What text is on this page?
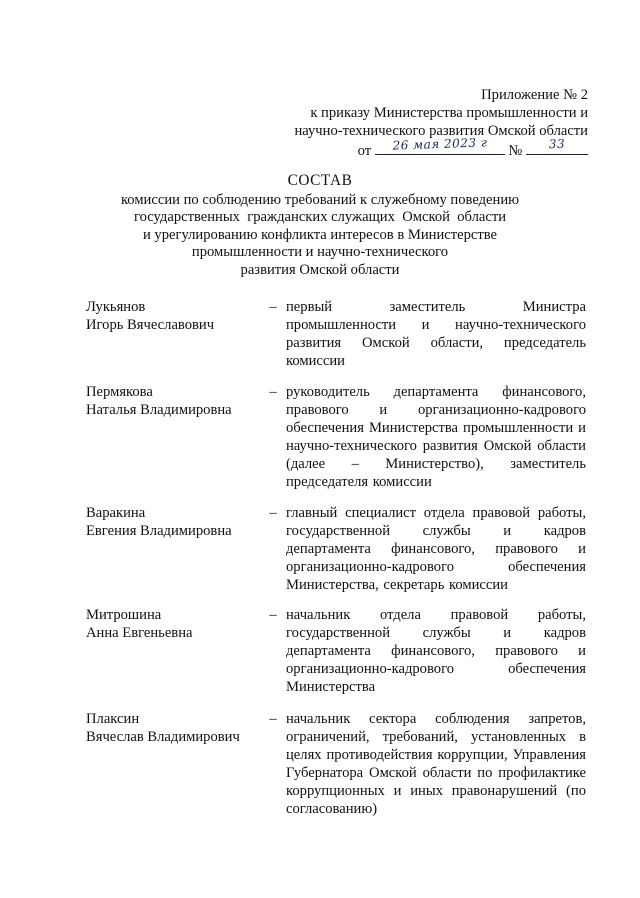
Приложение № 2
к приказу Министерства промышленности и
научно-технического развития Омской области
от	26 мая 2023 г	№	33
СОСТАВ
комиссии по соблюдению требований к служебному поведению
государственных  гражданских служащих  Омской  области
и урегулированию конфликта интересов в Министерстве
промышленности и научно-технического
развития Омской области
Лукьянов
Игорь Вячеславович
– первый заместитель Министра промышленности и научно-технического развития Омской области, председатель комиссии
Пермякова
Наталья Владимировна
– руководитель департамента финансового, правового и организационно-кадрового обеспечения Министерства промышленности и научно-технического развития Омской области (далее – Министерство), заместитель председателя комиссии
Варакина
Евгения Владимировна
– главный специалист отдела правовой работы, государственной службы и кадров департамента финансового, правового и организационно-кадрового обеспечения Министерства, секретарь комиссии
Митрошина
Анна Евгеньевна
– начальник отдела правовой работы, государственной службы и кадров департамента финансового, правового и организационно-кадрового обеспечения Министерства
Плаксин
Вячеслав Владимирович
– начальник сектора соблюдения запретов, ограничений, требований, установленных в целях противодействия коррупции, Управления Губернатора Омской области по профилактике коррупционных и иных правонарушений (по согласованию)
